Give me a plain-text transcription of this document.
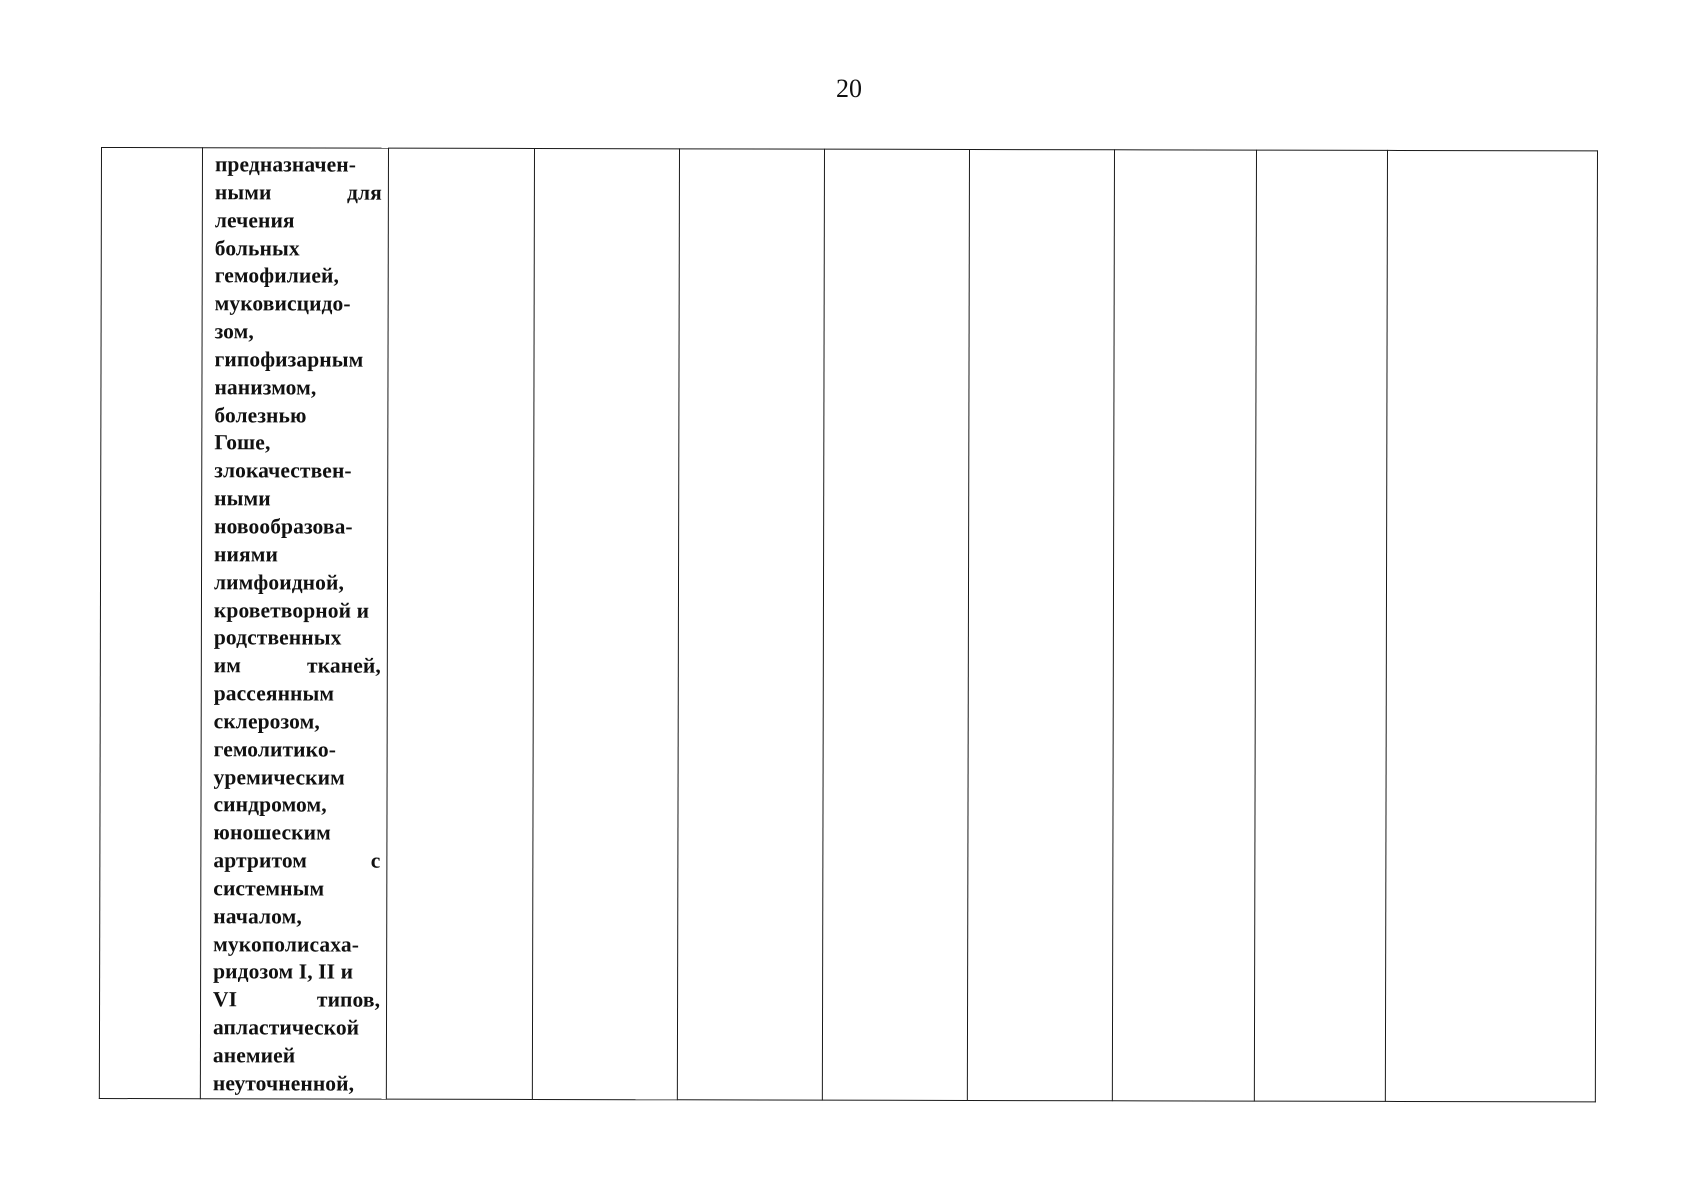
20

предназначен-
ными	для
лечения
больных
гемофилией,
муковисцидо-
зом,
гипофизарным
нанизмом,
болезнью
Гоше,
злокачествен-
ными
новообразова-
ниями
лимфоидной,
кроветворной и
родственных
им	тканей,
рассеянным
склерозом,
гемолитико-
уремическим
синдромом,
юношеским
артритом	с
системным
началом,
мукополисаха-
ридозом I, II и
VI	типов,
апластической
анемией
неуточненной,
